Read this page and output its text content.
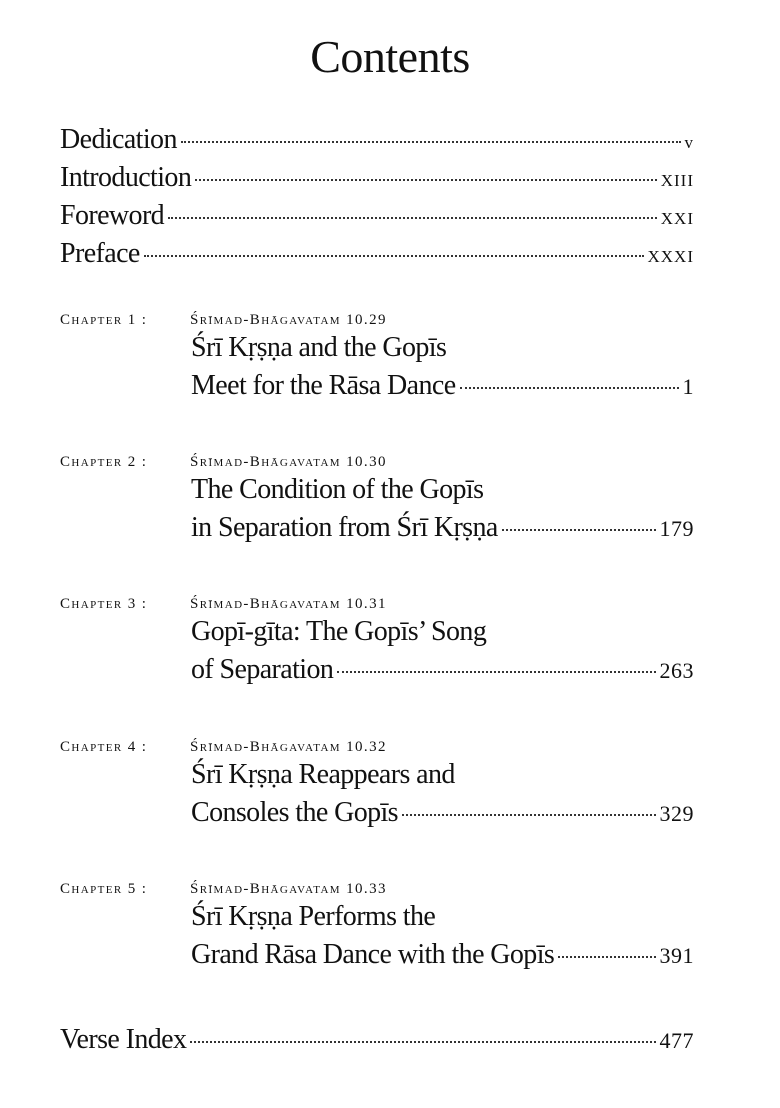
Contents
Dedication	v
Introduction	XIII
Foreword	XXI
Preface	XXXI
Chapter 1 :	Śrīmad-Bhāgavatam 10.29
Śrī Kṛṣṇa and the Gopīs
Meet for the Rāsa Dance	1
Chapter 2 :	Śrīmad-Bhāgavatam 10.30
The Condition of the Gopīs
in Separation from Śrī Kṛṣṇa	179
Chapter 3 :	Śrīmad-Bhāgavatam 10.31
Gopī-gīta: The Gopīs’ Song
of Separation	263
Chapter 4 :	Śrīmad-Bhāgavatam 10.32
Śrī Kṛṣṇa Reappears and
Consoles the Gopīs	329
Chapter 5 :	Śrīmad-Bhāgavatam 10.33
Śrī Kṛṣṇa Performs the
Grand Rāsa Dance with the Gopīs	391
Verse Index	477
